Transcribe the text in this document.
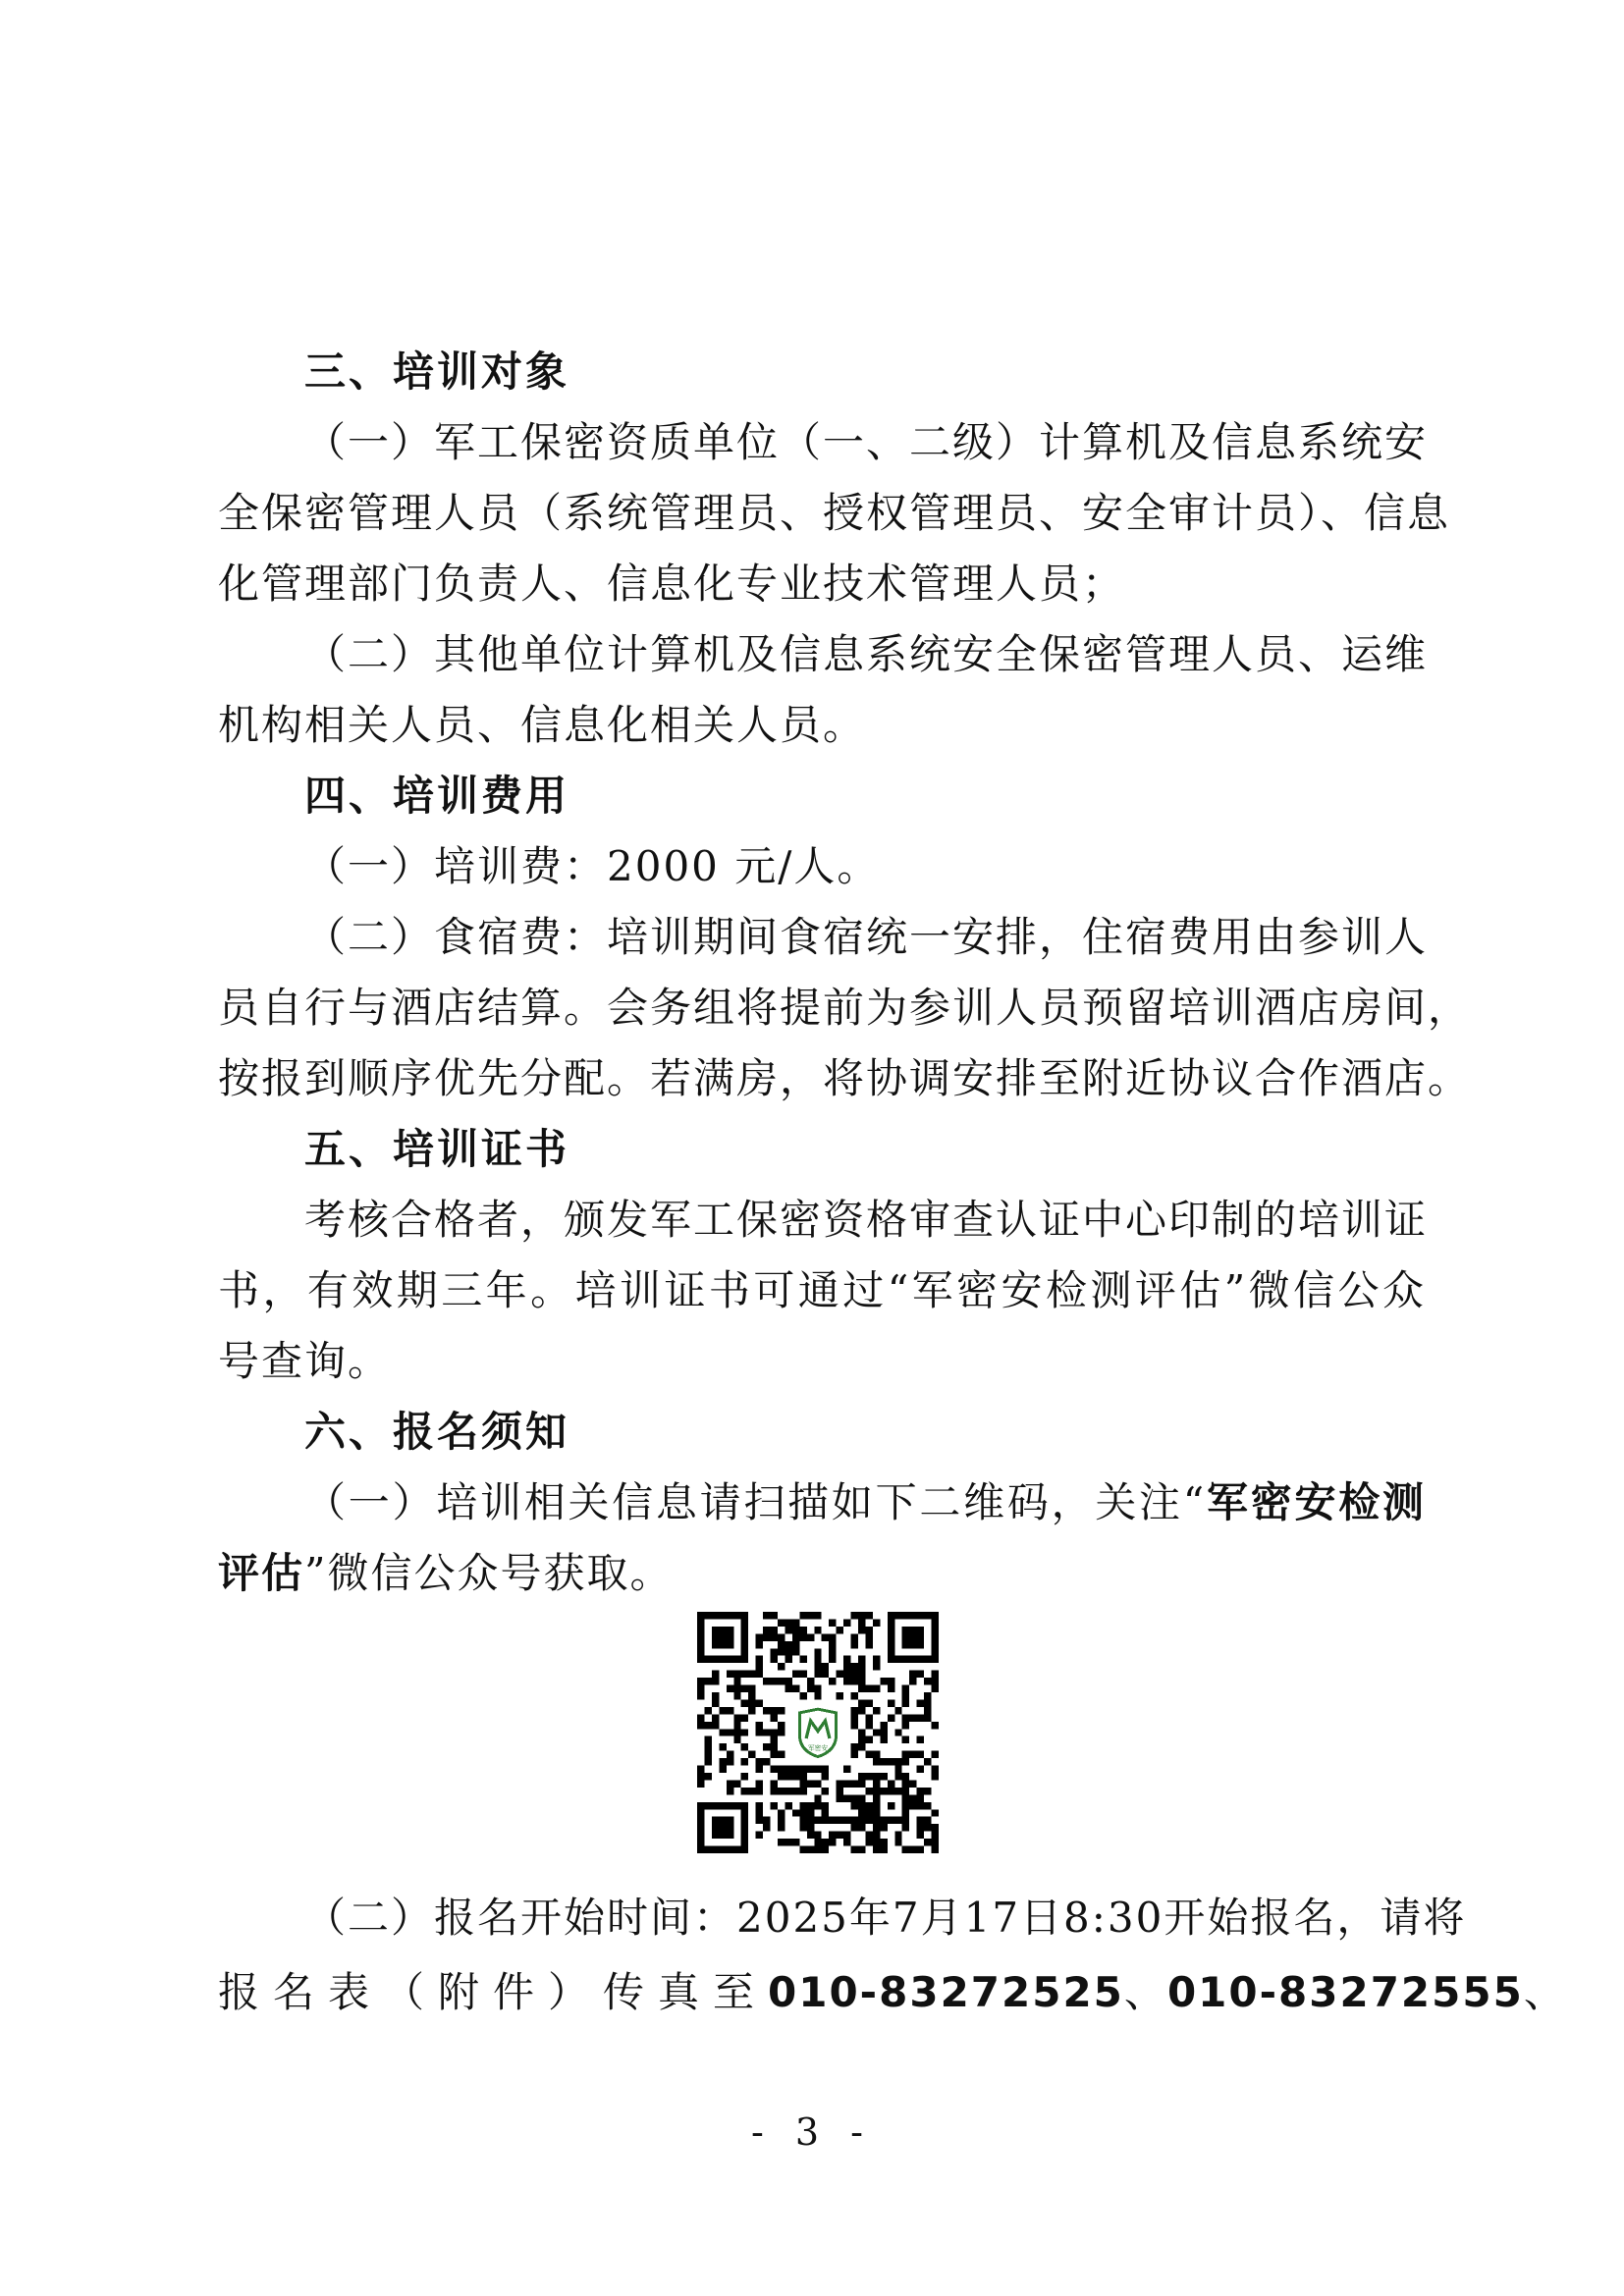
三、培训对象
（一）军工保密资质单位（一、二级）计算机及信息系统安
全保密管理人员（系统管理员、授权管理员、安全审计员）、信息
化管理部门负责人、信息化专业技术管理人员；
（二）其他单位计算机及信息系统安全保密管理人员、运维
机构相关人员、信息化相关人员。
四、培训费用
（一）培训费：2000 元/人。
（二）食宿费：培训期间食宿统一安排，住宿费用由参训人
员自行与酒店结算。会务组将提前为参训人员预留培训酒店房间，
按报到顺序优先分配。若满房，将协调安排至附近协议合作酒店。
五、培训证书
考核合格者，颁发军工保密资格审查认证中心印制的培训证
书，有效期三年。培训证书可通过“军密安检测评估”微信公众
号查询。
六、报名须知
（一）培训相关信息请扫描如下二维码，关注“军密安检测
评估”微信公众号获取。
（二）报名开始时间：2025年7月17日8:30开始报名，请将
报名表（附件）传真至010-83272525、010-83272555、
- 3 -
